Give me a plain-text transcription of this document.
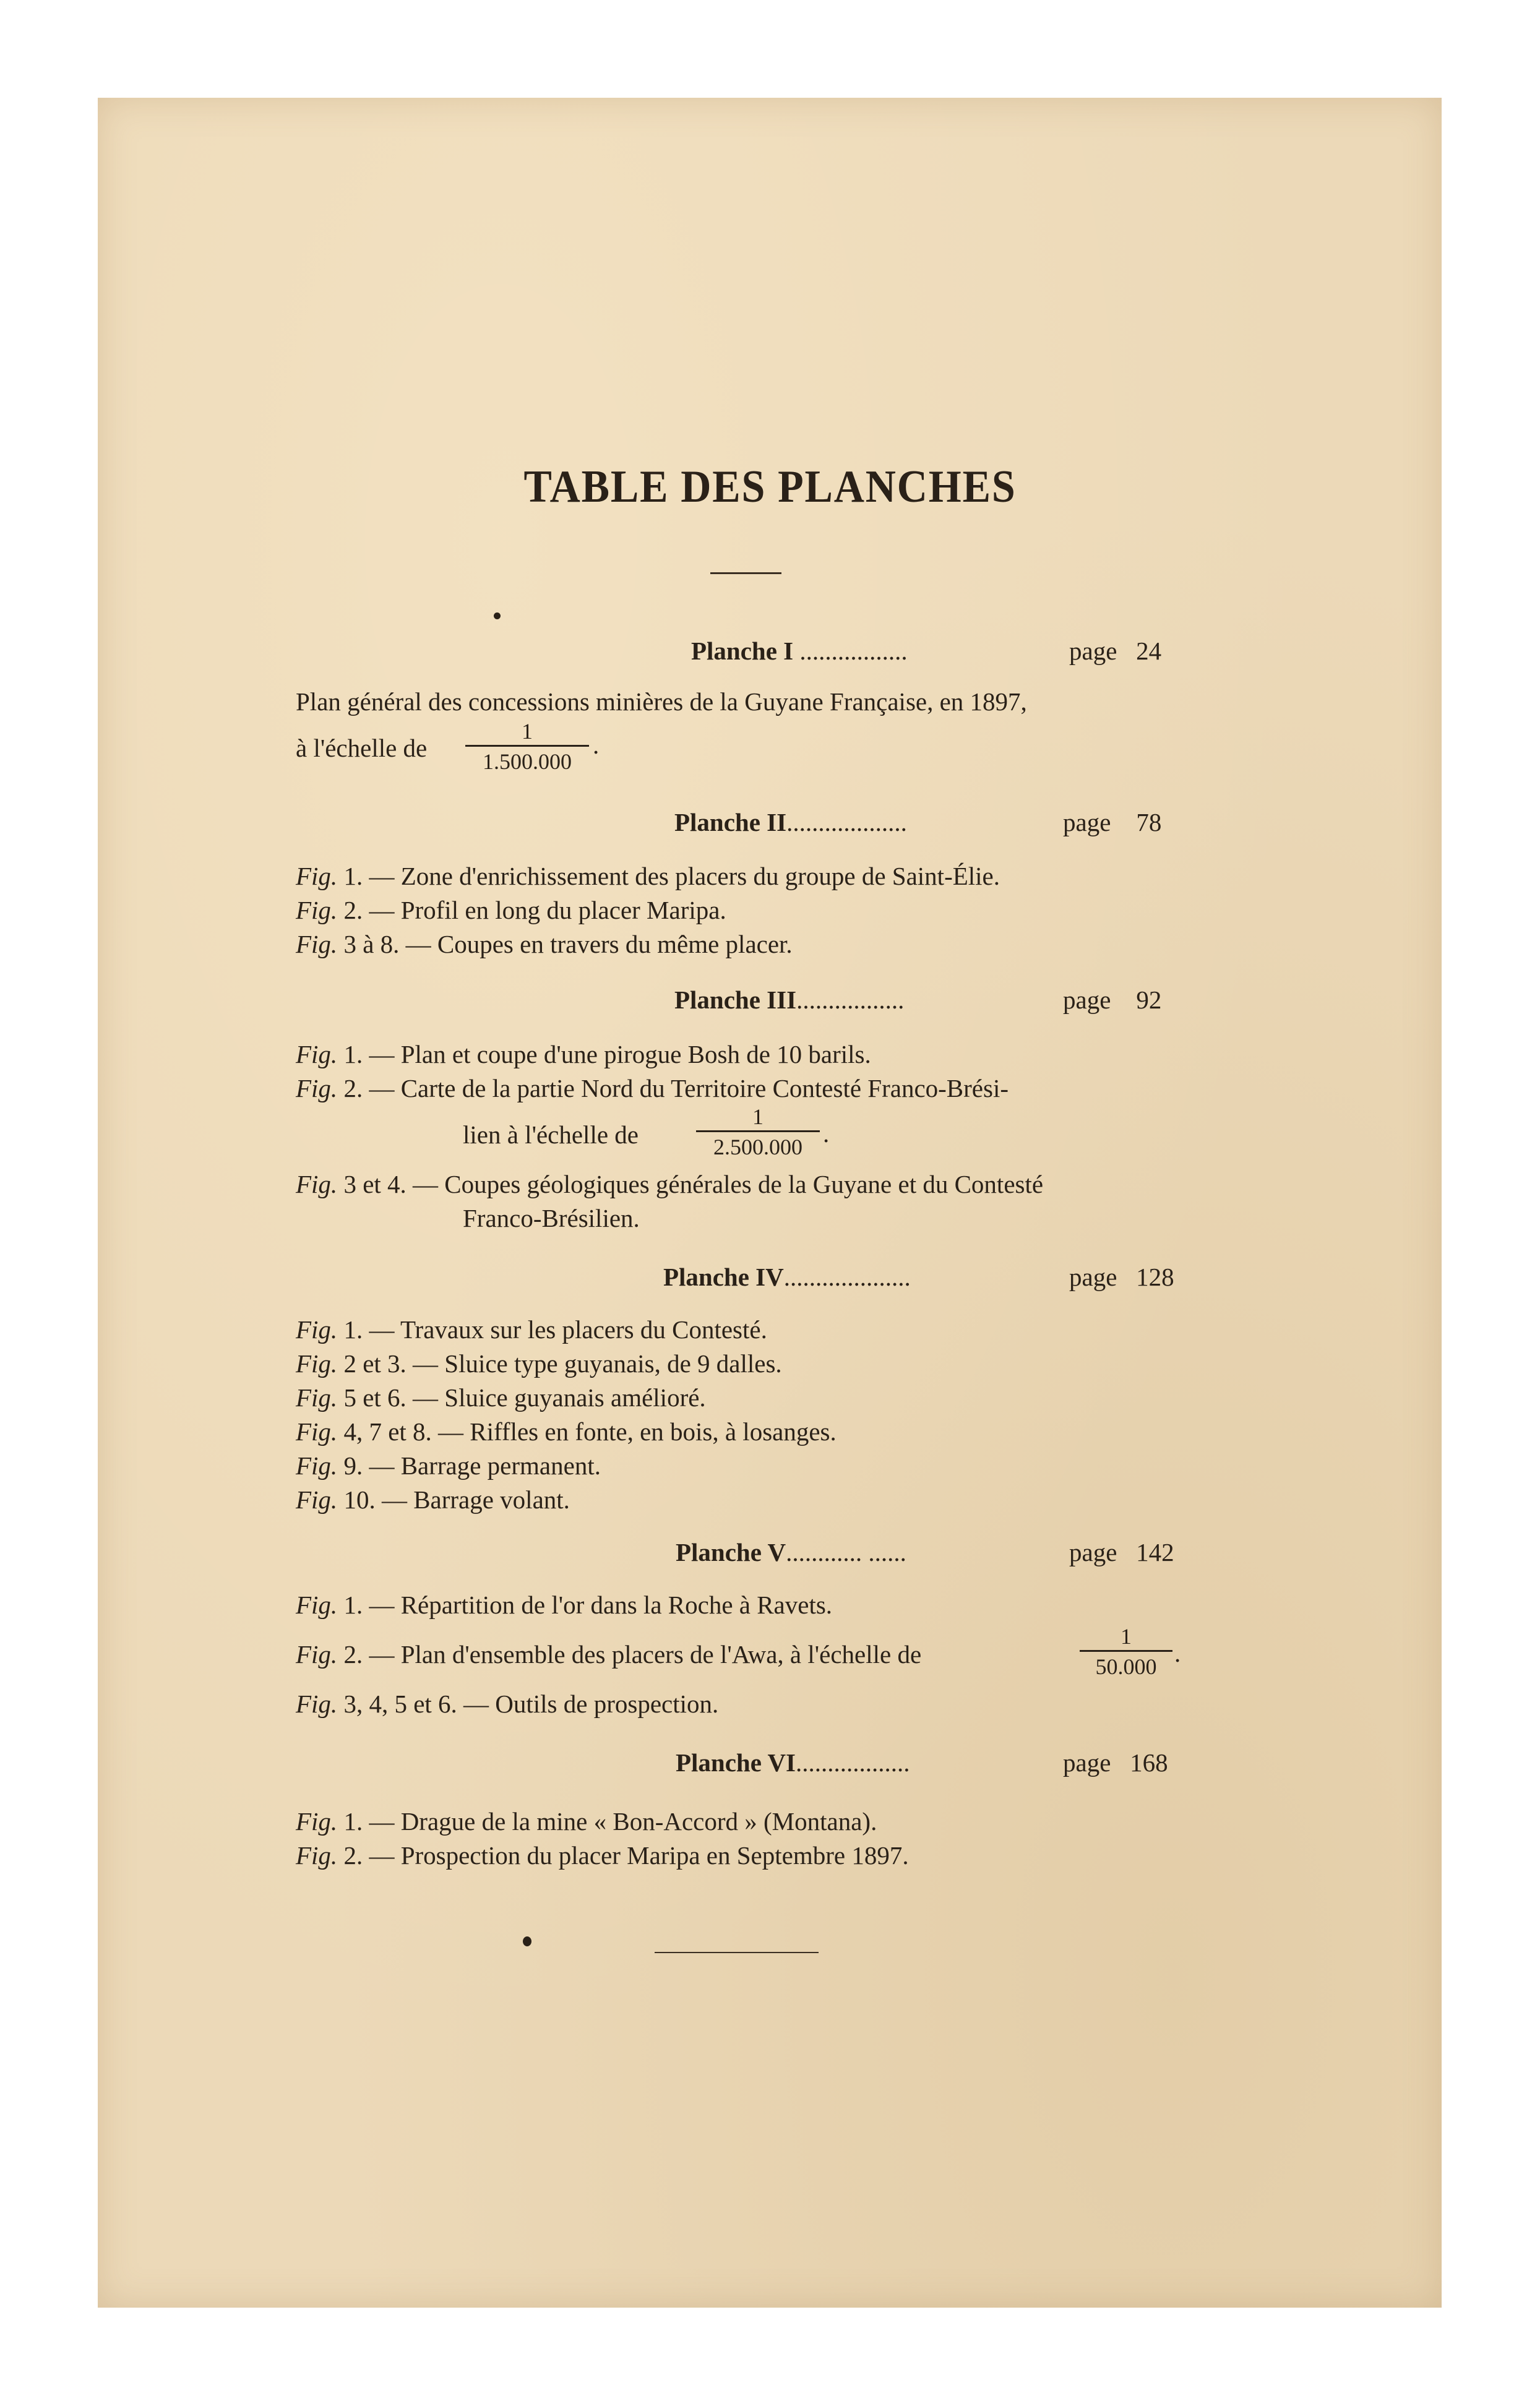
TABLE DES PLANCHES
Planche I .................	page 24
Plan général des concessions minières de la Guyane Française, en 1897,
à l'échelle de
1
1.500.000
.
Planche II...................	page 78
Fig. 1. — Zone d'enrichissement des placers du groupe de Saint-Élie.
Fig. 2. — Profil en long du placer Maripa.
Fig. 3 à 8. — Coupes en travers du même placer.
Planche III.................	page 92
Fig. 1. — Plan et coupe d'une pirogue Bosh de 10 barils.
Fig. 2. — Carte de la partie Nord du Territoire Contesté Franco-Brési-
lien à l'échelle de
1
2.500.000 .
Fig. 3 et 4. — Coupes géologiques générales de la Guyane et du Contesté
Franco-Brésilien.
Planche IV....................	page 128
Fig. 1. — Travaux sur les placers du Contesté.
Fig. 2 et 3. — Sluice type guyanais, de 9 dalles.
Fig. 5 et 6. — Sluice guyanais amélioré.
Fig. 4, 7 et 8. — Riffles en fonte, en bois, à losanges.
Fig. 9. — Barrage permanent.
Fig. 10. — Barrage volant.
Planche V............ ......	page 142
Fig. 1. — Répartition de l'or dans la Roche à Ravets.
Fig. 2. — Plan d'ensemble des placers de l'Awa, à l'échelle de
1
50.000 .
Fig. 3, 4, 5 et 6. — Outils de prospection.
Planche VI..................	page 168
Fig. 1. — Drague de la mine « Bon-Accord » (Montana).
Fig. 2. — Prospection du placer Maripa en Septembre 1897.
